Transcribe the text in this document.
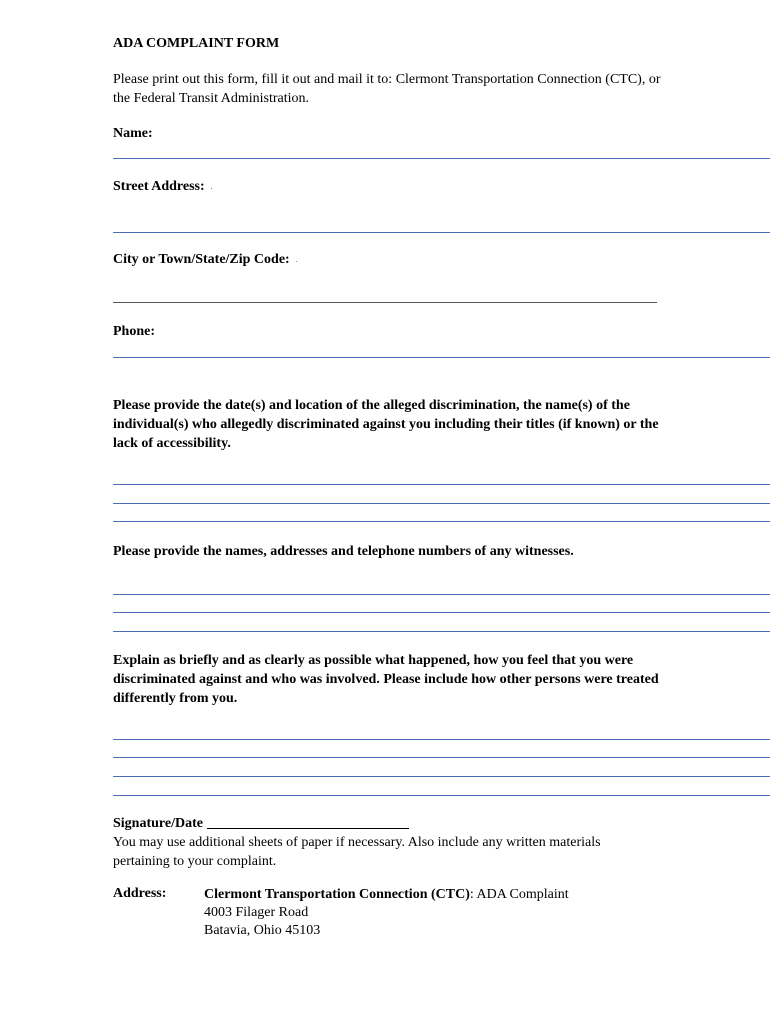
ADA COMPLAINT FORM
Please print out this form, fill it out and mail it to: Clermont Transportation Connection (CTC), or the Federal Transit Administration.
Name:
Street Address: .
City or Town/State/Zip Code: .
Phone:
Please provide the date(s) and location of the alleged discrimination, the name(s) of the individual(s) who allegedly discriminated against you including their titles (if known) or the lack of accessibility.
Please provide the names, addresses and telephone numbers of any witnesses.
Explain as briefly and as clearly as possible what happened, how you feel that you were discriminated against and who was involved. Please include how other persons were treated differently from you.
Signature/Date
You may use additional sheets of paper if necessary. Also include any written materials pertaining to your complaint.
Address:	Clermont Transportation Connection (CTC): ADA Complaint
4003 Filager Road
Batavia, Ohio 45103
